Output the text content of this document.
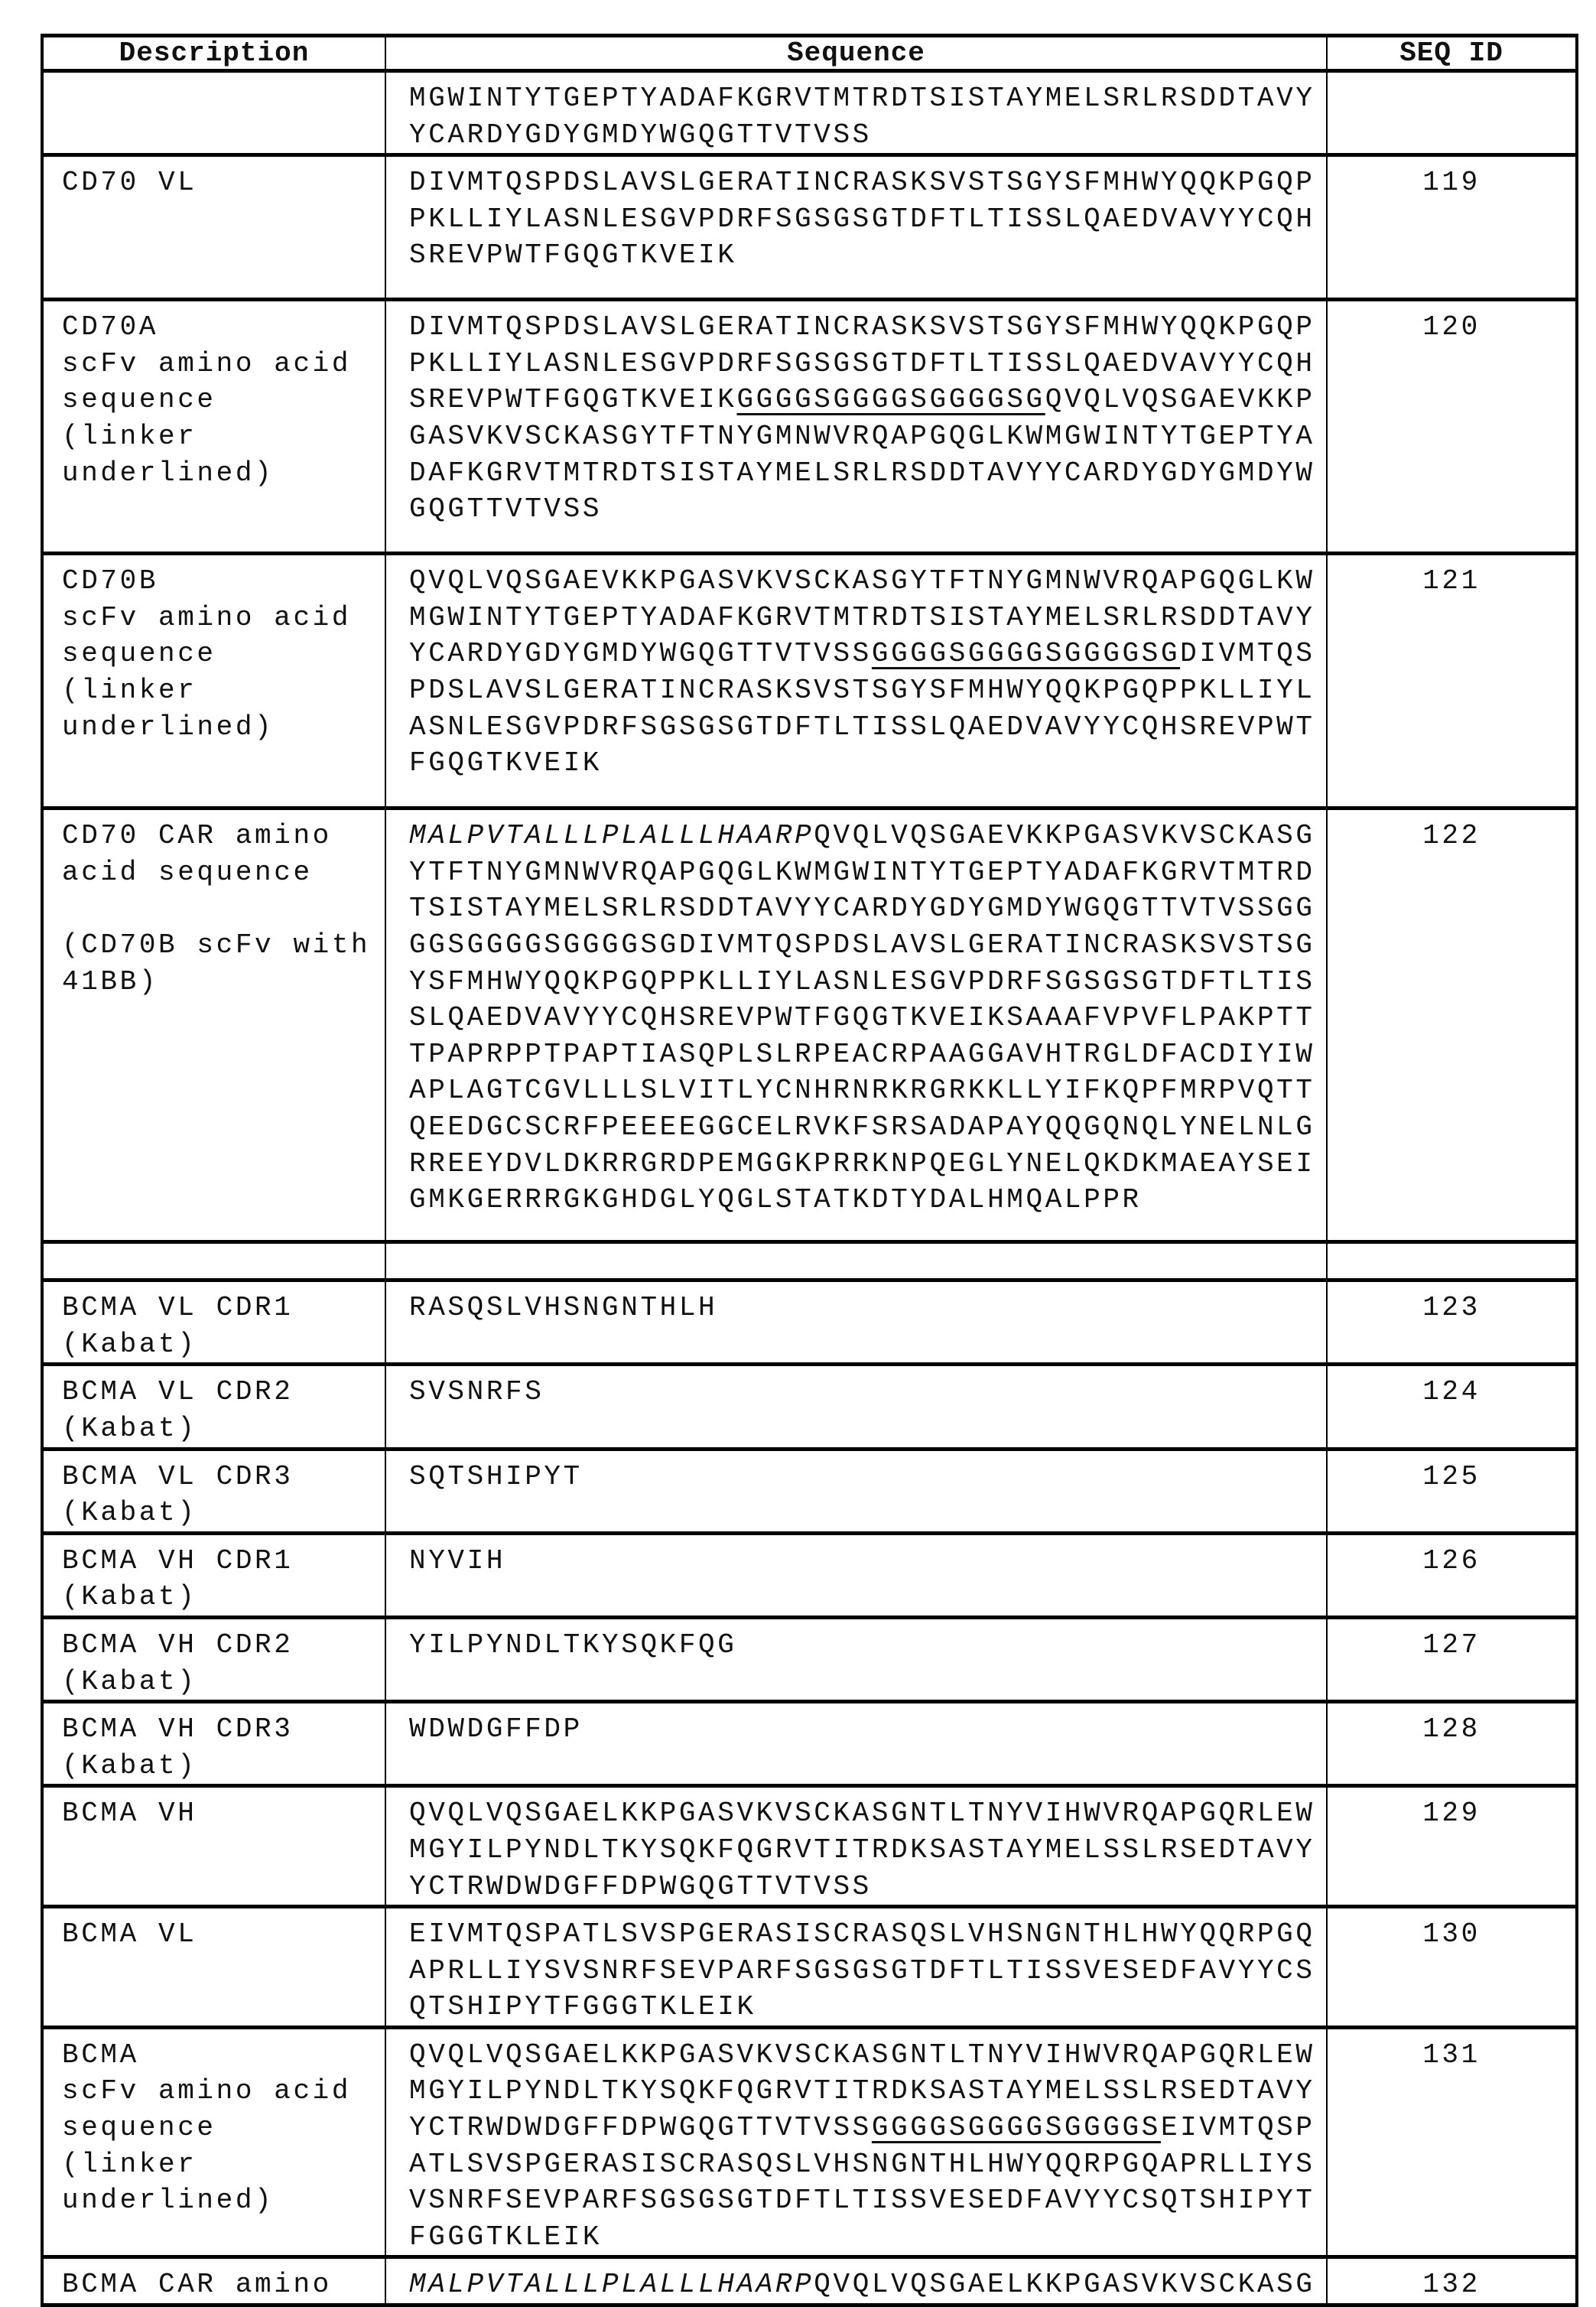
Description	Sequence	SEQ ID

MGWINTYTGEPTYADAFKGRVTMTRDTSISTAYMELSRLRSDDTAVY
YCARDYGDYGMDYWGQGTTVTVSS

CD70 VL	DIVMTQSPDSLAVSLGERATINCRASKSVSTSGYSFMHWYQQKPGQP
PKLLIYLASNLESGVPDRFSGSGSGTDFTLTISSLQAEDVAVYYCQH
SREVPWTFGQGTKVEIK
	119

CD70A
scFv amino acid
sequence
(linker
underlined)

DIVMTQSPDSLAVSLGERATINCRASKSVSTSGYSFMHWYQQKPGQP
PKLLIYLASNLESGVPDRFSGSGSGTDFTLTISSLQAEDVAVYYCQH
SREVPWTFGQGTKVEIKGGGGSGGGGSGGGGSGQVQLVQSGAEVKKP
GASVKVSCKASGYTFTNYGMNWVRQAPGQGLKWMGWINTYTGEPTYA
DAFKGRVTMTRDTSISTAYMELSRLRSDDTAVYYCARDYGDYGMDYW
GQGTTVTVSS
	120

CD70B
scFv amino acid
sequence
(linker
underlined)

QVQLVQSGAEVKKPGASVKVSCKASGYTFTNYGMNWVRQAPGQGLKW
MGWINTYTGEPTYADAFKGRVTMTRDTSISTAYMELSRLRSDDTAVY
YCARDYGDYGMDYWGQGTTVTVSSGGGGSGGGGSGGGGSGDIVMTQS
PDSLAVSLGERATINCRASKSVSTSGYSFMHWYQQKPGQPPKLLIYL
ASNLESGVPDRFSGSGSGTDFTLTISSLQAEDVAVYYCQHSREVPWT
FGQGTKVEIK
	121

CD70 CAR amino
acid sequence
(CD70B scFv with
41BB)

MALPVTALLLPLALLLHAARPQVQLVQSGAEVKKPGASVKVSCKASG
YTFTNYGMNWVRQAPGQGLKWMGWINTYTGEPTYADAFKGRVTMTRD
TSISTAYMELSRLRSDDTAVYYCARDYGDYGMDYWGQGTTVTVSSGG
GGSGGGGSGGGGSGDIVMTQSPDSLAVSLGERATINCRASKSVSTSG
YSFMHWYQQKPGQPPKLLIYLASNLESGVPDRFSGSGSGTDFTLTIS
SLQAEDVAVYYCQHSREVPWTFGQGTKVEIKSAAAFVPVFLPAKPTT
TPAPRPPTPAPTIASQPLSLRPEACRPAAGGAVHTRGLDFACDIYIW
APLAGTCGVLLLSLVITLYCNHRNRKRGRKKLLYIFKQPFMRPVQTT
QEEDGCSCRFPEEEEGGCELRVKFSRSADAPAYQQGQNQLYNELNLG
RREEYDVLDKRRGRDPEMGGKPRRKNPQEGLYNELQKDKMAEAYSEI
GMKGERRRGKGHDGLYQGLSTATKDTYDALHMQALPPR
	122

BCMA VL CDR1
(Kabat)

RASQSLVHSNGNTHLH	123

BCMA VL CDR2
(Kabat)

SVSNRFS	124

BCMA VL CDR3
(Kabat)

SQTSHIPYT	125

BCMA VH CDR1
(Kabat)

NYVIH	126

BCMA VH CDR2
(Kabat)

YILPYNDLTKYSQKFQG	127

BCMA VH CDR3
(Kabat)

WDWDGFFDP	128

BCMA VH	QVQLVQSGAELKKPGASVKVSCKASGNTLTNYVIHWVRQAPGQRLEW
MGYILPYNDLTKYSQKFQGRVTITRDKSASTAYMELSSLRSEDTAVY
YCTRWDWDGFFDPWGQGTTVTVSS
	129

BCMA VL	EIVMTQSPATLSVSPGERASISCRASQSLVHSNGNTHLHWYQQRPGQ
APRLLIYSVSNRFSEVPARFSGSGSGTDFTLTISSVESEDFAVYYCS
QTSHIPYTFGGGTKLEIK
	130

BCMA
scFv amino acid
sequence
(linker
underlined)

QVQLVQSGAELKKPGASVKVSCKASGNTLTNYVIHWVRQAPGQRLEW
MGYILPYNDLTKYSQKFQGRVTITRDKSASTAYMELSSLRSEDTAVY
YCTRWDWDGFFDPWGQGTTVTVSSGGGGSGGGGSGGGGSEIVMTQSP
ATLSVSPGERASISCRASQSLVHSNGNTHLHWYQQRPGQAPRLLIYS
VSNRFSEVPARFSGSGSGTDFTLTISSVESEDFAVYYCSQTSHIPYT
FGGGTKLEIK
	131

BCMA CAR amino	MALPVTALLLPLALLLHAARPQVQLVQSGAELKKPGASVKVSCKASG	132
